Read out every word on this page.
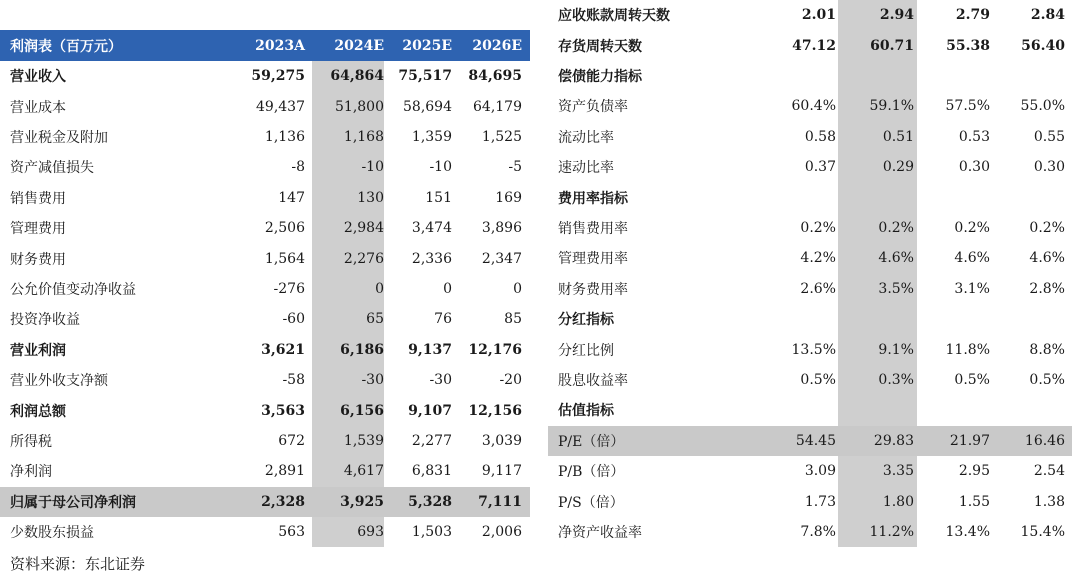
利润表（百万元）	2023A	2024E	2025E	2026E
营业收入	59,275	64,864	75,517	84,695
营业成本	49,437	51,800	58,694	64,179
营业税金及附加	1,136	1,168	1,359	1,525
资产减值损失	-8	-10	-10	-5
销售费用	147	130	151	169
管理费用	2,506	2,984	3,474	3,896
财务费用	1,564	2,276	2,336	2,347
公允价值变动净收益	-276	0	0	0
投资净收益	-60	65	76	85
营业利润	3,621	6,186	9,137	12,176
营业外收支净额	-58	-30	-30	-20
利润总额	3,563	6,156	9,107	12,156
所得税	672	1,539	2,277	3,039
净利润	2,891	4,617	6,831	9,117
归属于母公司净利润	2,328	3,925	5,328	7,111
少数股东损益	563	693	1,503	2,006
应收账款周转天数	2.01	2.94	2.79	2.84
存货周转天数	47.12	60.71	55.38	56.40
偿债能力指标
资产负债率	60.4%	59.1%	57.5%	55.0%
流动比率	0.58	0.51	0.53	0.55
速动比率	0.37	0.29	0.30	0.30
费用率指标
销售费用率	0.2%	0.2%	0.2%	0.2%
管理费用率	4.2%	4.6%	4.6%	4.6%
财务费用率	2.6%	3.5%	3.1%	2.8%
分红指标
分红比例	13.5%	9.1%	11.8%	8.8%
股息收益率	0.5%	0.3%	0.5%	0.5%
估值指标
P/E（倍）	54.45	29.83	21.97	16.46
P/B（倍）	3.09	3.35	2.95	2.54
P/S（倍）	1.73	1.80	1.55	1.38
净资产收益率	7.8%	11.2%	13.4%	15.4%
资料来源：东北证券
